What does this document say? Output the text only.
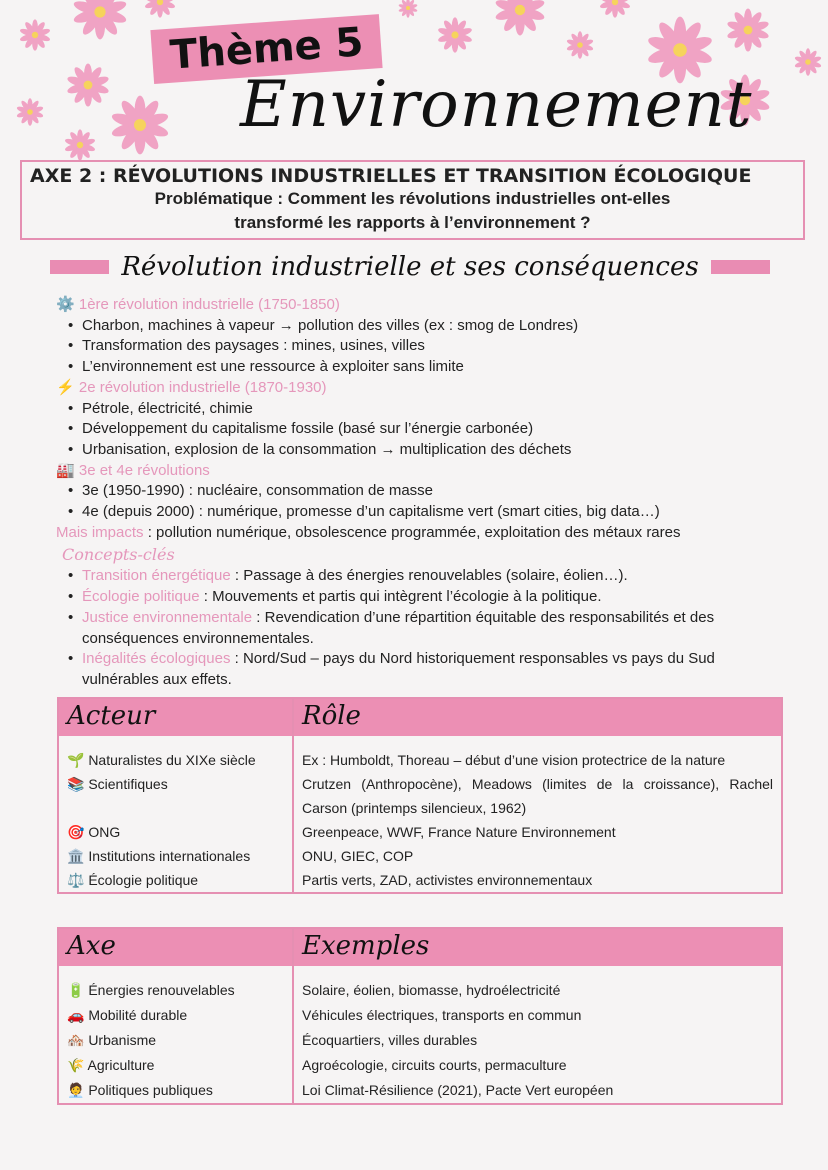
Thème 5
Environnement
AXE 2 : RÉVOLUTIONS INDUSTRIELLES ET TRANSITION ÉCOLOGIQUE
Problématique : Comment les révolutions industrielles ont-elles
transformé les rapports à l’environnement ?
Révolution industrielle et ses conséquences
⚙️ 1ère révolution industrielle (1750-1850)
• Charbon, machines à vapeur → pollution des villes (ex : smog de Londres)
• Transformation des paysages : mines, usines, villes
• L’environnement est une ressource à exploiter sans limite
⚡ 2e révolution industrielle (1870-1930)
• Pétrole, électricité, chimie
• Développement du capitalisme fossile (basé sur l’énergie carbonée)
• Urbanisation, explosion de la consommation → multiplication des déchets
🏭 3e et 4e révolutions
• 3e (1950-1990) : nucléaire, consommation de masse
• 4e (depuis 2000) : numérique, promesse d’un capitalisme vert (smart cities, big data…)
Mais impacts : pollution numérique, obsolescence programmée, exploitation des métaux rares
Concepts-clés
• Transition énergétique : Passage à des énergies renouvelables (solaire, éolien…).
• Écologie politique : Mouvements et partis qui intègrent l’écologie à la politique.
• Justice environnementale : Revendication d’une répartition équitable des responsabilités et des conséquences environnementales.
• Inégalités écologiques : Nord/Sud – pays du Nord historiquement responsables vs pays du Sud vulnérables aux effets.
Acteur	Rôle

🌱 Naturalistes du XIXe siècle	Ex : Humboldt, Thoreau – début d’une vision protectrice de la nature
📚 Scientifiques	Crutzen (Anthropocène), Meadows (limites de la croissance), Rachel Carson (printemps silencieux, 1962)
🎯 ONG	Greenpeace, WWF, France Nature Environnement
🏛️ Institutions internationales	ONU, GIEC, COP
⚖️ Écologie politique	Partis verts, ZAD, activistes environnementaux

Axe	Exemples

🔋 Énergies renouvelables	Solaire, éolien, biomasse, hydroélectricité
🚗 Mobilité durable	Véhicules électriques, transports en commun
🏘️ Urbanisme	Écoquartiers, villes durables
🌾 Agriculture	Agroécologie, circuits courts, permaculture
🧑‍💼 Politiques publiques	Loi Climat-Résilience (2021), Pacte Vert européen
